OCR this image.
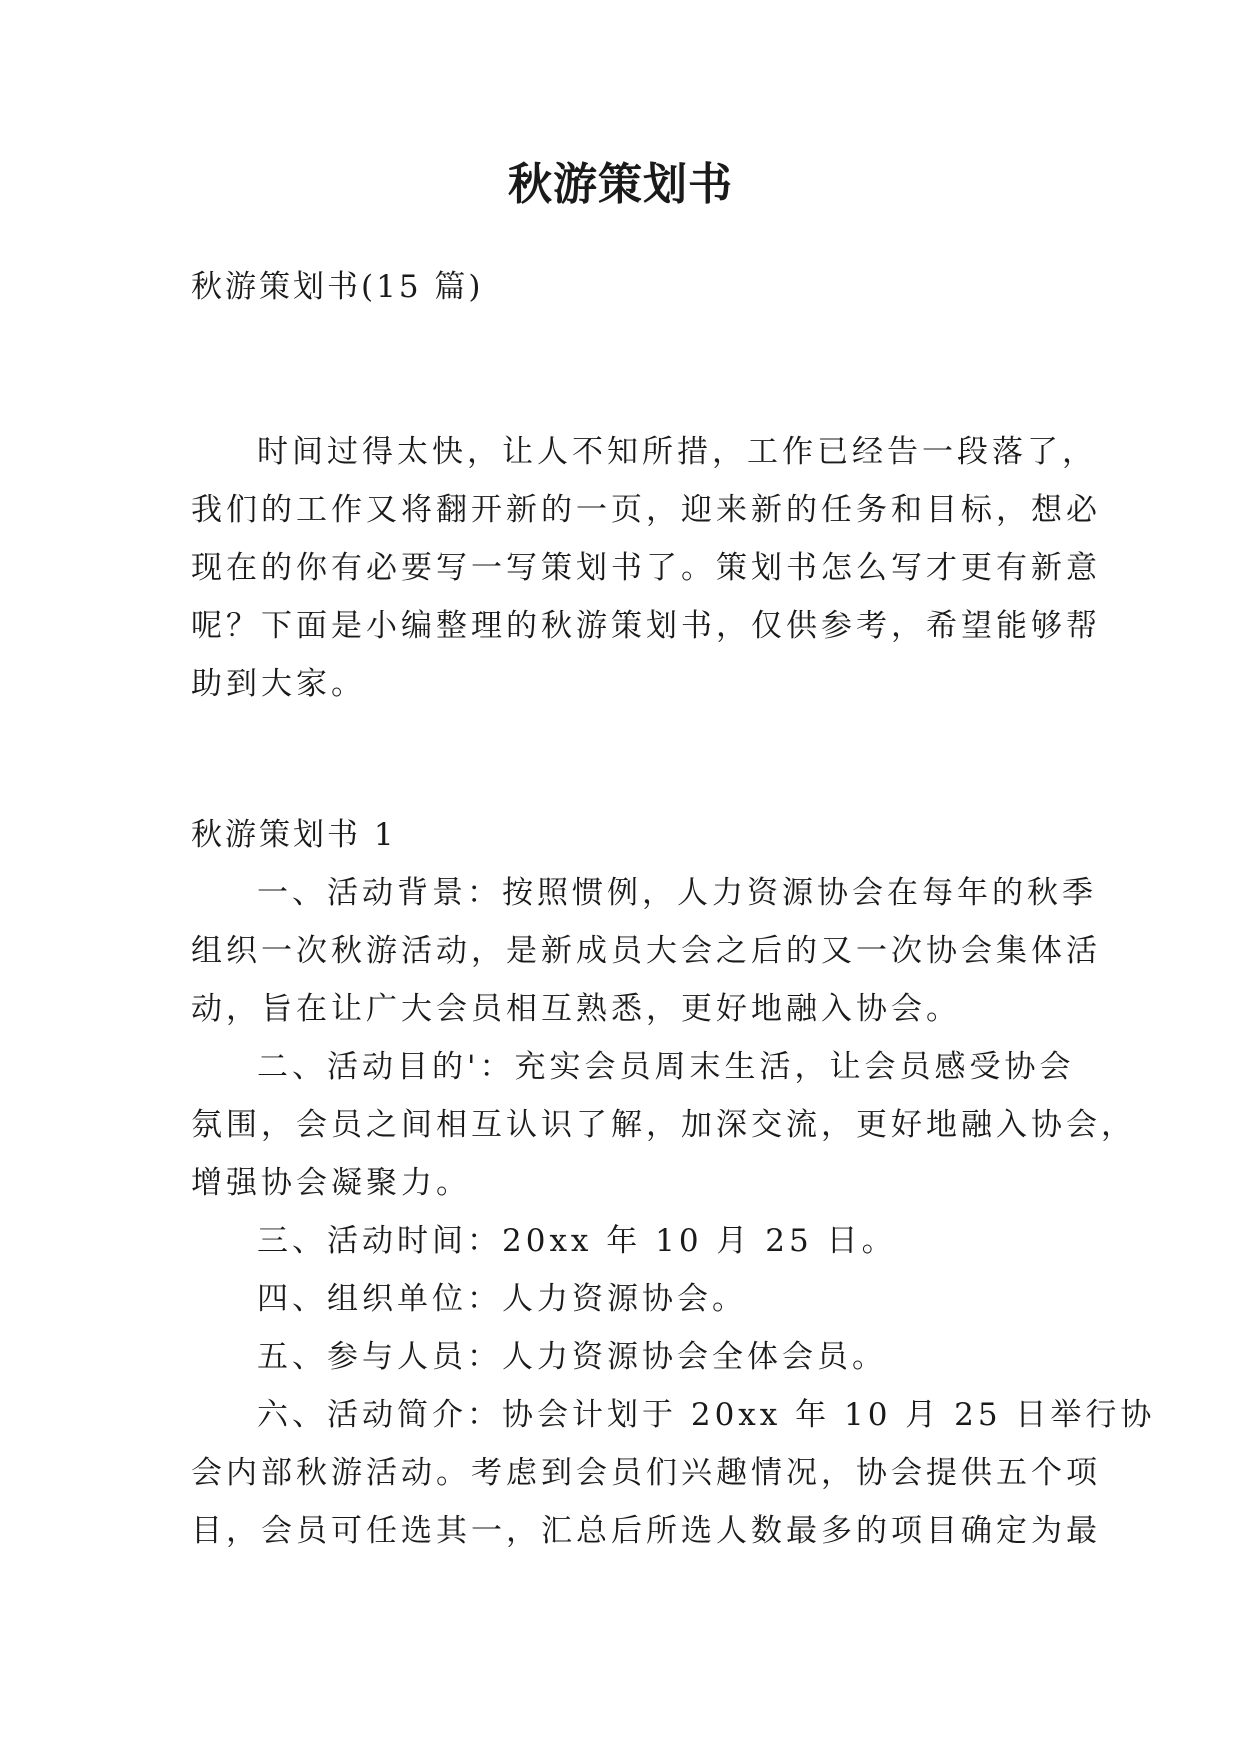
秋游策划书
秋游策划书(15 篇)

时间过得太快，让人不知所措，工作已经告一段落了，

我们的工作又将翻开新的一页，迎来新的任务和目标，想必

现在的你有必要写一写策划书了。策划书怎么写才更有新意

呢？下面是小编整理的秋游策划书，仅供参考，希望能够帮

助到大家。

秋游策划书 1

一、活动背景：按照惯例，人力资源协会在每年的秋季

组织一次秋游活动，是新成员大会之后的又一次协会集体活

动，旨在让广大会员相互熟悉，更好地融入协会。

二、活动目的'：充实会员周末生活，让会员感受协会

氛围，会员之间相互认识了解，加深交流，更好地融入协会，

增强协会凝聚力。

三、活动时间：20xx 年 10 月 25 日。

四、组织单位：人力资源协会。

五、参与人员：人力资源协会全体会员。

六、活动简介：协会计划于 20xx 年 10 月 25 日举行协

会内部秋游活动。考虑到会员们兴趣情况，协会提供五个项

目，会员可任选其一，汇总后所选人数最多的项目确定为最
